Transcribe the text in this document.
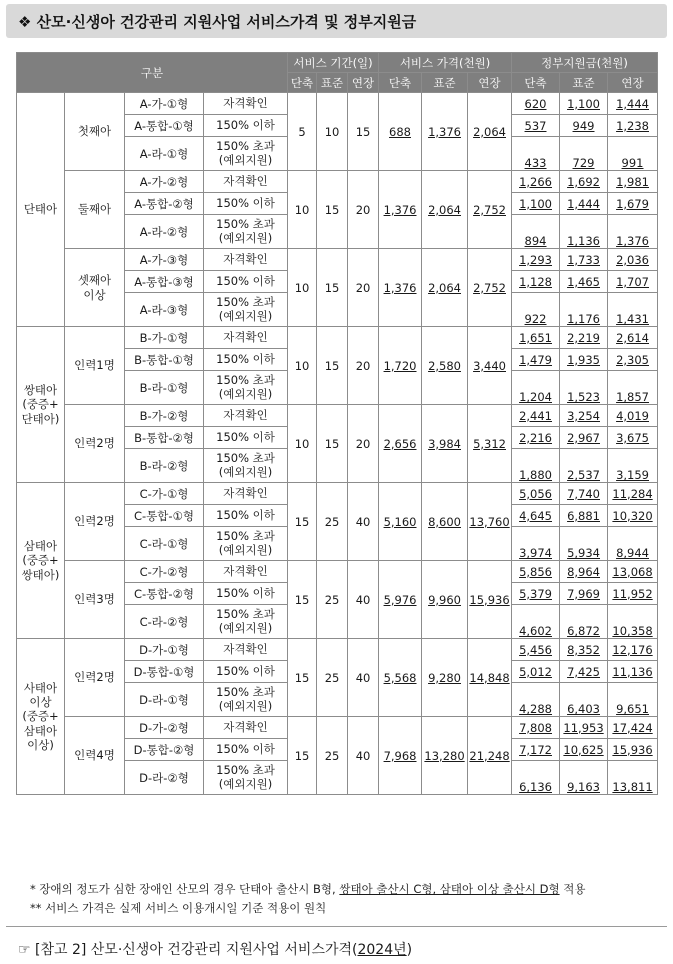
❖ 산모·신생아 건강관리 지원사업 서비스가격 및 정부지원금
구분				서비스 기간(일)			서비스 가격(천원)			정부지원금(천원)		
				단축	표준	연장	단축	표준	연장	단축	표준	연장
단태아	첫째아	A-가-①형	자격확인	5	10	15	688	1,376	2,064	620	1,100	1,444
		A-통합-①형	150% 이하							537	949	1,238
		A-라-①형	150% 초과
(예외지원)							433	729	991
	둘째아	A-가-②형	자격확인	10	15	20	1,376	2,064	2,752	1,266	1,692	1,981
		A-통합-②형	150% 이하							1,100	1,444	1,679
		A-라-②형	150% 초과
(예외지원)							894	1,136	1,376
	셋째아
이상	A-가-③형	자격확인	10	15	20	1,376	2,064	2,752	1,293	1,733	2,036
		A-통합-③형	150% 이하							1,128	1,465	1,707
		A-라-③형	150% 초과
(예외지원)							922	1,176	1,431
쌍태아
(중증+
단태아)	인력1명	B-가-①형	자격확인	10	15	20	1,720	2,580	3,440	1,651	2,219	2,614
		B-통합-①형	150% 이하							1,479	1,935	2,305
		B-라-①형	150% 초과
(예외지원)							1,204	1,523	1,857
	인력2명	B-가-②형	자격확인	10	15	20	2,656	3,984	5,312	2,441	3,254	4,019
		B-통합-②형	150% 이하							2,216	2,967	3,675
		B-라-②형	150% 초과
(예외지원)							1,880	2,537	3,159
삼태아
(중증+
쌍태아)	인력2명	C-가-①형	자격확인	15	25	40	5,160	8,600	13,760	5,056	7,740	11,284
		C-통합-①형	150% 이하							4,645	6,881	10,320
		C-라-①형	150% 초과
(예외지원)							3,974	5,934	8,944
	인력3명	C-가-②형	자격확인	15	25	40	5,976	9,960	15,936	5,856	8,964	13,068
		C-통합-②형	150% 이하							5,379	7,969	11,952
		C-라-②형	150% 초과
(예외지원)							4,602	6,872	10,358
사태아
이상
(중증+
삼태아
이상)	인력2명	D-가-①형	자격확인	15	25	40	5,568	9,280	14,848	5,456	8,352	12,176
		D-통합-①형	150% 이하							5,012	7,425	11,136
		D-라-①형	150% 초과
(예외지원)							4,288	6,403	9,651
	인력4명	D-가-②형	자격확인	15	25	40	7,968	13,280	21,248	7,808	11,953	17,424
		D-통합-②형	150% 이하							7,172	10,625	15,936
		D-라-②형	150% 초과
(예외지원)							6,136	9,163	13,811
* 장애의 정도가 심한 장애인 산모의 경우 단태아 출산시 B형, 쌍태아 출산시 C형, 삼태아 이상 출산시 D형 적용
** 서비스 가격은 실제 서비스 이용개시일 기준 적용이 원칙
☞ [참고 2] 산모·신생아 건강관리 지원사업 서비스가격(2024년)
